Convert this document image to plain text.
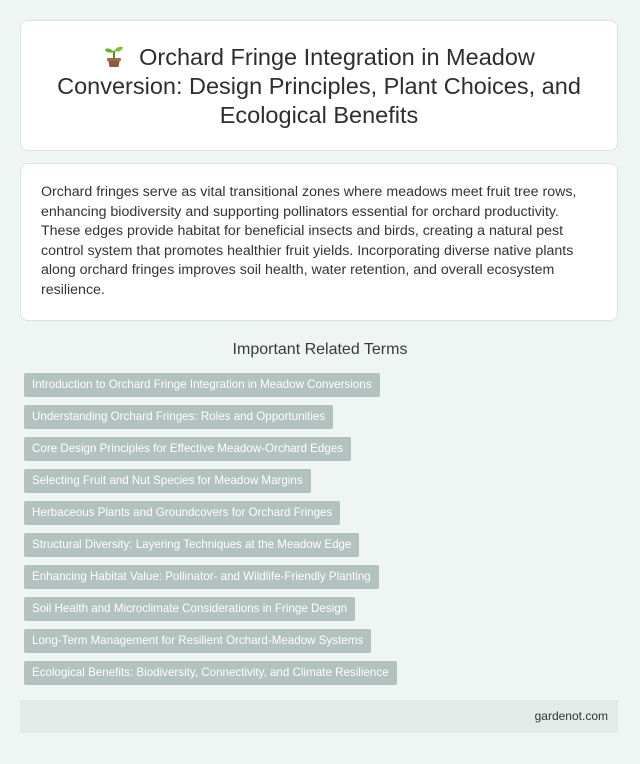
Orchard Fringe Integration in Meadow Conversion: Design Principles, Plant Choices, and Ecological Benefits

Orchard fringes serve as vital transitional zones where meadows meet fruit tree rows, enhancing biodiversity and supporting pollinators essential for orchard productivity. These edges provide habitat for beneficial insects and birds, creating a natural pest control system that promotes healthier fruit yields. Incorporating diverse native plants along orchard fringes improves soil health, water retention, and overall ecosystem resilience.

Important Related Terms
Introduction to Orchard Fringe Integration in Meadow Conversions
Understanding Orchard Fringes: Roles and Opportunities
Core Design Principles for Effective Meadow-Orchard Edges
Selecting Fruit and Nut Species for Meadow Margins
Herbaceous Plants and Groundcovers for Orchard Fringes
Structural Diversity: Layering Techniques at the Meadow Edge
Enhancing Habitat Value: Pollinator- and Wildlife-Friendly Planting
Soil Health and Microclimate Considerations in Fringe Design
Long-Term Management for Resilient Orchard-Meadow Systems
Ecological Benefits: Biodiversity, Connectivity, and Climate Resilience
gardenot.com
